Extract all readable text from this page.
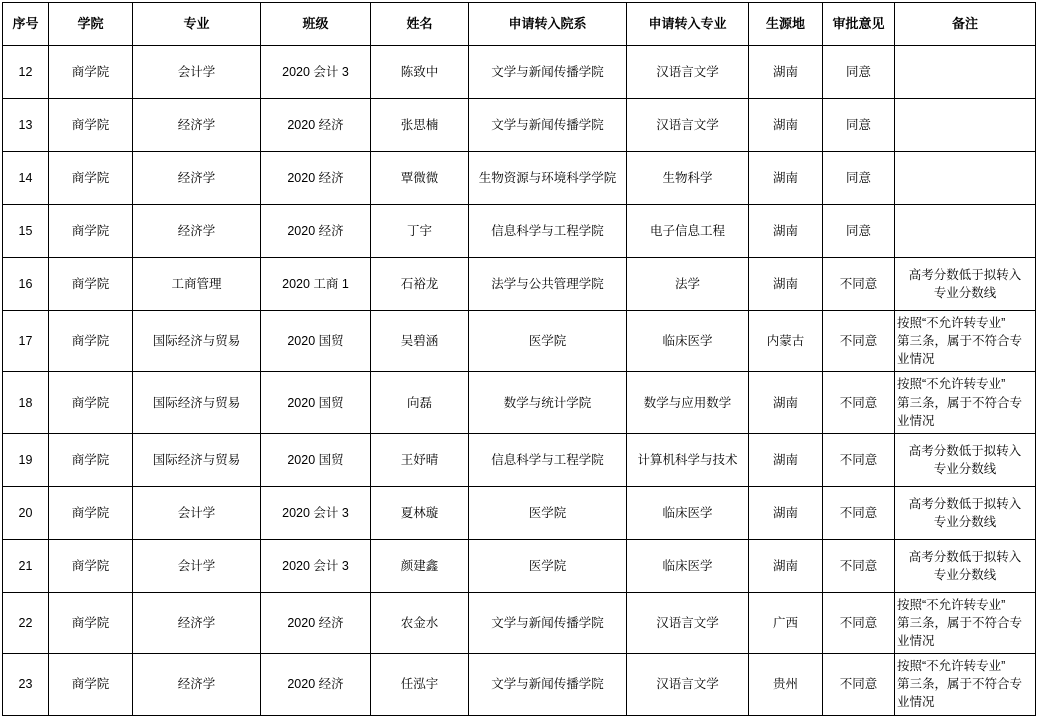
序号	学院	专业	班级	姓名	申请转入院系	申请转入专业	生源地	审批意见	备注
12	商学院	会计学	2020 会计 3	陈致中	文学与新闻传播学院	汉语言文学	湖南	同意	
13	商学院	经济学	2020 经济	张思楠	文学与新闻传播学院	汉语言文学	湖南	同意	
14	商学院	经济学	2020 经济	覃微微	生物资源与环境科学学院	生物科学	湖南	同意	
15	商学院	经济学	2020 经济	丁宇	信息科学与工程学院	电子信息工程	湖南	同意	
16	商学院	工商管理	2020 工商 1	石裕龙	法学与公共管理学院	法学	湖南	不同意	高考分数低于拟转入
专业分数线

17	商学院	国际经济与贸易	2020 国贸	吴碧涵	医学院	临床医学	内蒙古	不同意	按照“不允许转专业”
第三条，属于不符合专
业情况

18	商学院	国际经济与贸易	2020 国贸	向磊	数学与统计学院	数学与应用数学	湖南	不同意	按照“不允许转专业”
第三条，属于不符合专
业情况

19	商学院	国际经济与贸易	2020 国贸	王妤晴	信息科学与工程学院	计算机科学与技术	湖南	不同意	高考分数低于拟转入
专业分数线

20	商学院	会计学	2020 会计 3	夏林璇	医学院	临床医学	湖南	不同意	高考分数低于拟转入
专业分数线

21	商学院	会计学	2020 会计 3	颜建鑫	医学院	临床医学	湖南	不同意	高考分数低于拟转入
专业分数线

22	商学院	经济学	2020 经济	农金水	文学与新闻传播学院	汉语言文学	广西	不同意	按照“不允许转专业”
第三条，属于不符合专
业情况

23	商学院	经济学	2020 经济	任泓宇	文学与新闻传播学院	汉语言文学	贵州	不同意	按照“不允许转专业”
第三条，属于不符合专
业情况
